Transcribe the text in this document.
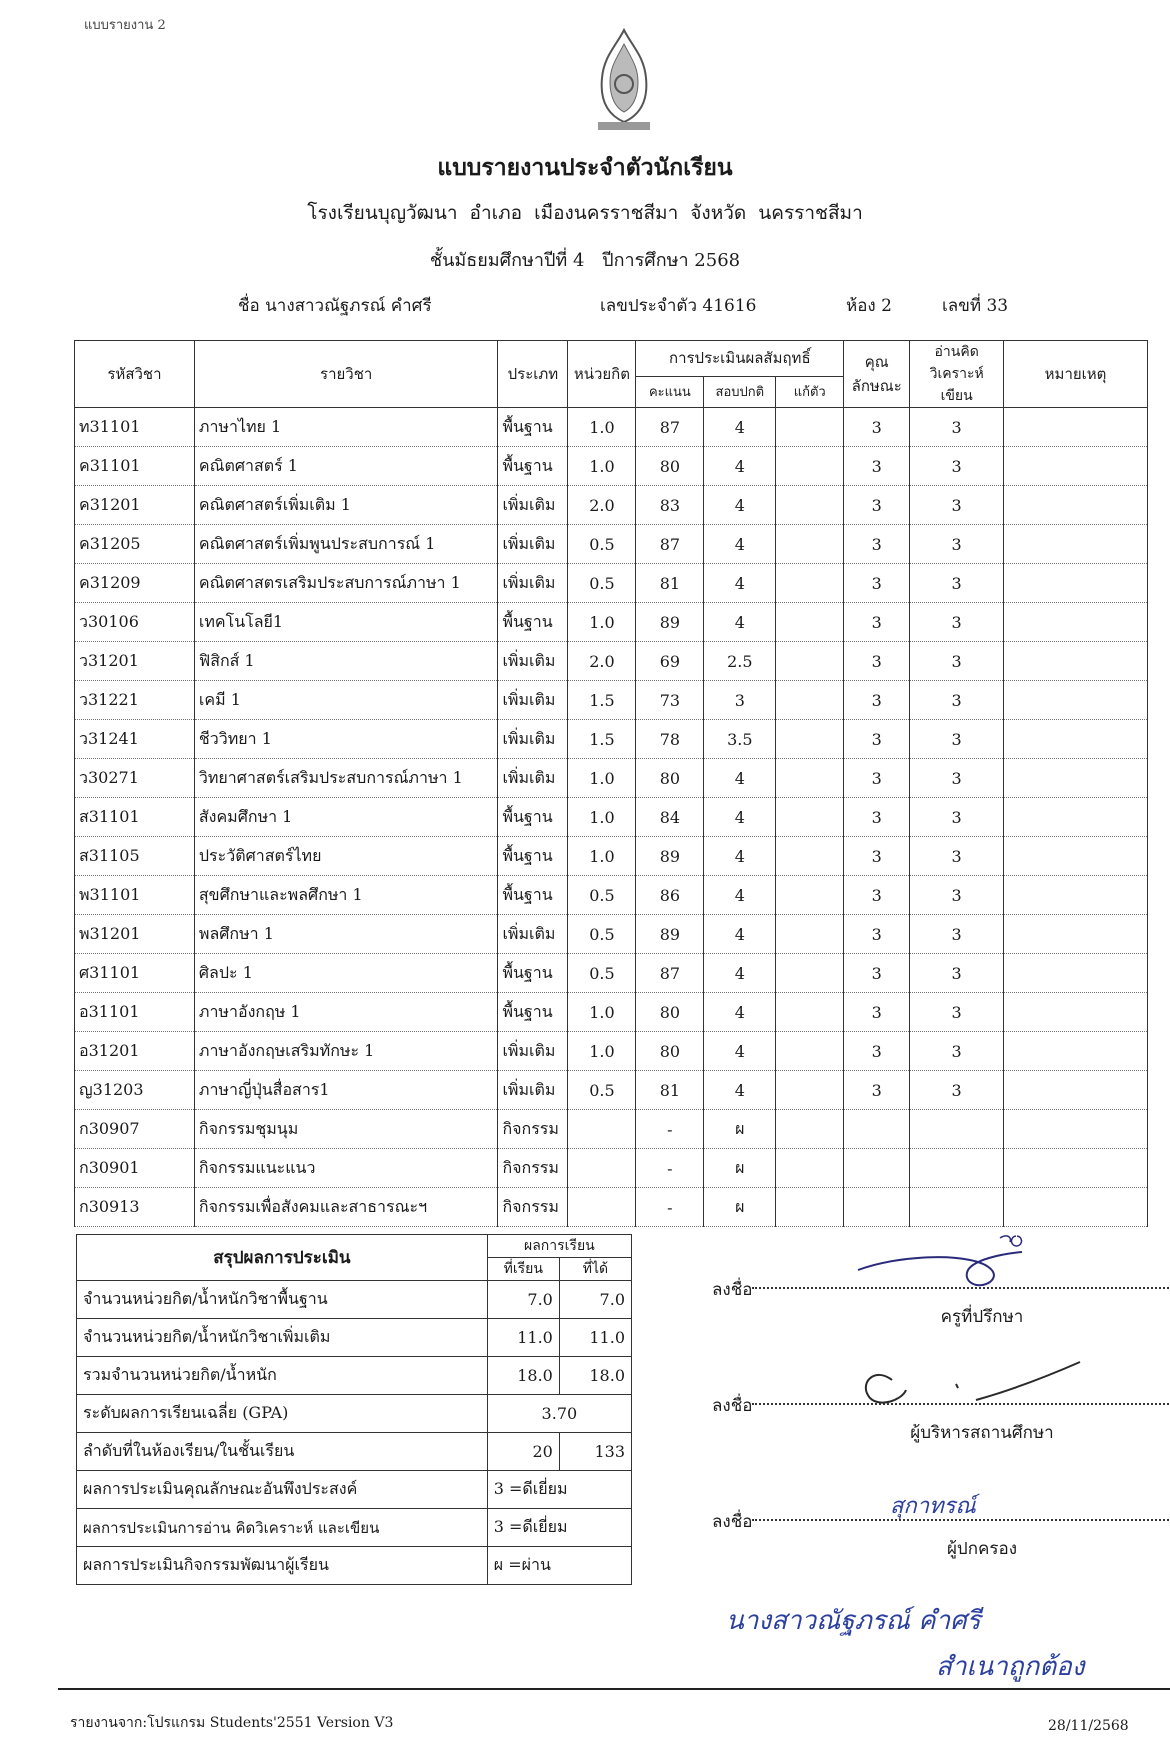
แบบรายงาน 2
แบบรายงานประจำตัวนักเรียน
โรงเรียนบุญวัฒนา อำเภอ เมืองนครราชสีมา จังหวัด นครราชสีมา
ชั้นมัธยมศึกษาปีที่ 4 ปีการศึกษา 2568
ชื่อ นางสาวณัฐภรณ์ คำศรี	เลขประจำตัว 41616	ห้อง 2	เลขที่ 33
รหัสวิชา	รายวิชา	ประเภท	หน่วยกิต	การประเมินผลสัมฤทธิ์			คุณ ลักษณะ	อ่านคิด วิเคราะห์เขียน	หมายเหตุ
				คะแนน	สอบปกติ	แก้ตัว			
ท31101	ภาษาไทย 1	พื้นฐาน	1.0	87	4		3	3	
ค31101	คณิตศาสตร์ 1	พื้นฐาน	1.0	80	4		3	3	
ค31201	คณิตศาสตร์เพิ่มเติม 1	เพิ่มเติม	2.0	83	4		3	3	
ค31205	คณิตศาสตร์เพิ่มพูนประสบการณ์ 1	เพิ่มเติม	0.5	87	4		3	3	
ค31209	คณิตศาสตรเสริมประสบการณ์ภาษา 1	เพิ่มเติม	0.5	81	4		3	3	
ว30106	เทคโนโลยี1	พื้นฐาน	1.0	89	4		3	3	
ว31201	ฟิสิกส์ 1	เพิ่มเติม	2.0	69	2.5		3	3	
ว31221	เคมี 1	เพิ่มเติม	1.5	73	3		3	3	
ว31241	ชีววิทยา 1	เพิ่มเติม	1.5	78	3.5		3	3	
ว30271	วิทยาศาสตร์เสริมประสบการณ์ภาษา 1	เพิ่มเติม	1.0	80	4		3	3	
ส31101	สังคมศึกษา 1	พื้นฐาน	1.0	84	4		3	3	
ส31105	ประวัติศาสตร์ไทย	พื้นฐาน	1.0	89	4		3	3	
พ31101	สุขศึกษาและพลศึกษา 1	พื้นฐาน	0.5	86	4		3	3	
พ31201	พลศึกษา 1	เพิ่มเติม	0.5	89	4		3	3	
ศ31101	ศิลปะ 1	พื้นฐาน	0.5	87	4		3	3	
อ31101	ภาษาอังกฤษ 1	พื้นฐาน	1.0	80	4		3	3	
อ31201	ภาษาอังกฤษเสริมทักษะ 1	เพิ่มเติม	1.0	80	4		3	3	
ญ31203	ภาษาญี่ปุ่นสื่อสาร1	เพิ่มเติม	0.5	81	4		3	3	
ก30907	กิจกรรมชุมนุม	กิจกรรม		-	ผ				
ก30901	กิจกรรมแนะแนว	กิจกรรม		-	ผ				
ก30913	กิจกรรมเพื่อสังคมและสาธารณะฯ	กิจกรรม		-	ผ				
สรุปผลการประเมิน	ผลการเรียน	
	ที่เรียน	ที่ได้
จำนวนหน่วยกิต/น้ำหนักวิชาพื้นฐาน	7.0	7.0
จำนวนหน่วยกิต/น้ำหนักวิชาเพิ่มเติม	11.0	11.0
รวมจำนวนหน่วยกิต/น้ำหนัก	18.0	18.0
ระดับผลการเรียนเฉลี่ย (GPA)	3.70	
ลำดับที่ในห้องเรียน/ในชั้นเรียน	20	133
ผลการประเมินคุณลักษณะอันพึงประสงค์	3 =ดีเยี่ยม	
ผลการประเมินการอ่าน คิดวิเคราะห์ และเขียน	3 =ดีเยี่ยม	
ผลการประเมินกิจกรรมพัฒนาผู้เรียน	ผ =ผ่าน	
ลงชื่อ
ครูที่ปรึกษา
ลงชื่อ
ผู้บริหารสถานศึกษา
ลงชื่อ
ผู้ปกครอง
สุกาทรณ์
นางสาวณัฐภรณ์ คำศรี
สำเนาถูกต้อง
รายงานจาก:โปรแกรม Students'2551 Version V3	28/11/2568
